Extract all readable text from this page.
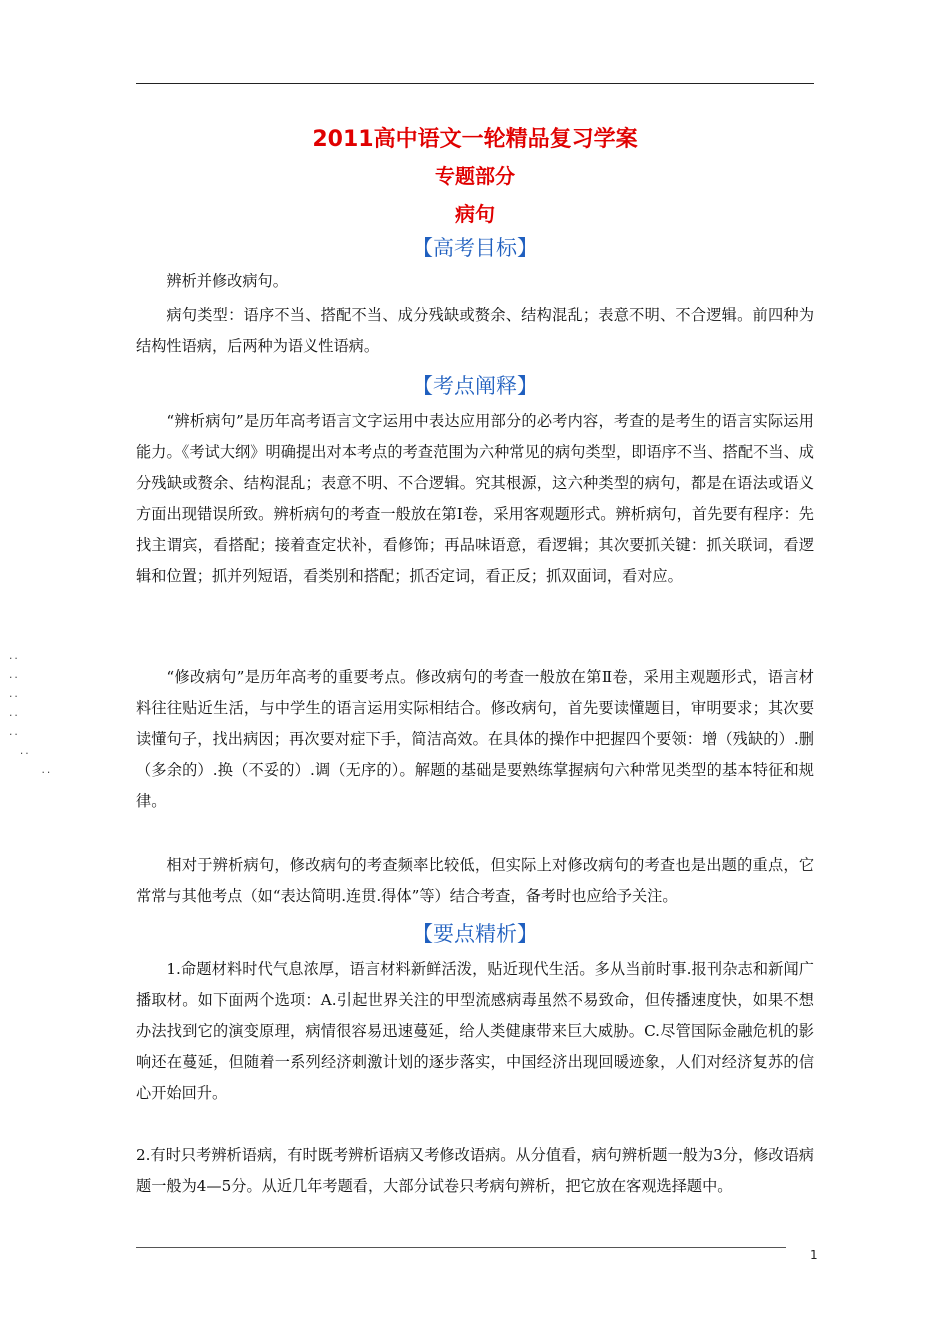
2011高中语文一轮精品复习学案
专题部分
病句
【高考目标】
辨析并修改病句。
病句类型：语序不当、搭配不当、成分残缺或赘余、结构混乱；表意不明、不合逻辑。前四种为结构性语病，后两种为语义性语病。
【考点阐释】
“辨析病句”是历年高考语言文字运用中表达应用部分的必考内容，考查的是考生的语言实际运用能力。《考试大纲》明确提出对本考点的考查范围为六种常见的病句类型，即语序不当、搭配不当、成分残缺或赘余、结构混乱；表意不明、不合逻辑。究其根源，这六种类型的病句，都是在语法或语义方面出现错误所致。辨析病句的考查一般放在第Ⅰ卷，采用客观题形式。辨析病句，首先要有程序：先找主谓宾，看搭配；接着查定状补，看修饰；再品味语意，看逻辑；其次要抓关键：抓关联词，看逻辑和位置；抓并列短语，看类别和搭配；抓否定词，看正反；抓双面词，看对应。
“修改病句”是历年高考的重要考点。修改病句的考查一般放在第Ⅱ卷，采用主观题形式，语言材料往往贴近生活，与中学生的语言运用实际相结合。修改病句，首先要读懂题目，审明要求；其次要读懂句子，找出病因；再次要对症下手，简洁高效。在具体的操作中把握四个要领：增（残缺的）.删（多余的）.换（不妥的）.调（无序的）。解题的基础是要熟练掌握病句六种常见类型的基本特征和规律。
相对于辨析病句，修改病句的考查频率比较低，但实际上对修改病句的考查也是出题的重点，它常常与其他考点（如“表达简明.连贯.得体”等）结合考查，备考时也应给予关注。
【要点精析】
1.命题材料时代气息浓厚，语言材料新鲜活泼，贴近现代生活。多从当前时事.报刊杂志和新闻广播取材。如下面两个选项：A.引起世界关注的甲型流感病毒虽然不易致命，但传播速度快，如果不想办法找到它的演变原理，病情很容易迅速蔓延，给人类健康带来巨大威胁。C.尽管国际金融危机的影响还在蔓延，但随着一系列经济刺激计划的逐步落实，中国经济出现回暖迹象，人们对经济复苏的信心开始回升。
2.有时只考辨析语病，有时既考辨析语病又考修改语病。从分值看，病句辨析题一般为3分，修改语病题一般为4—5分。从近几年考题看，大部分试卷只考病句辨析，把它放在客观选择题中。
..
..
..
..
..
..
..
1
